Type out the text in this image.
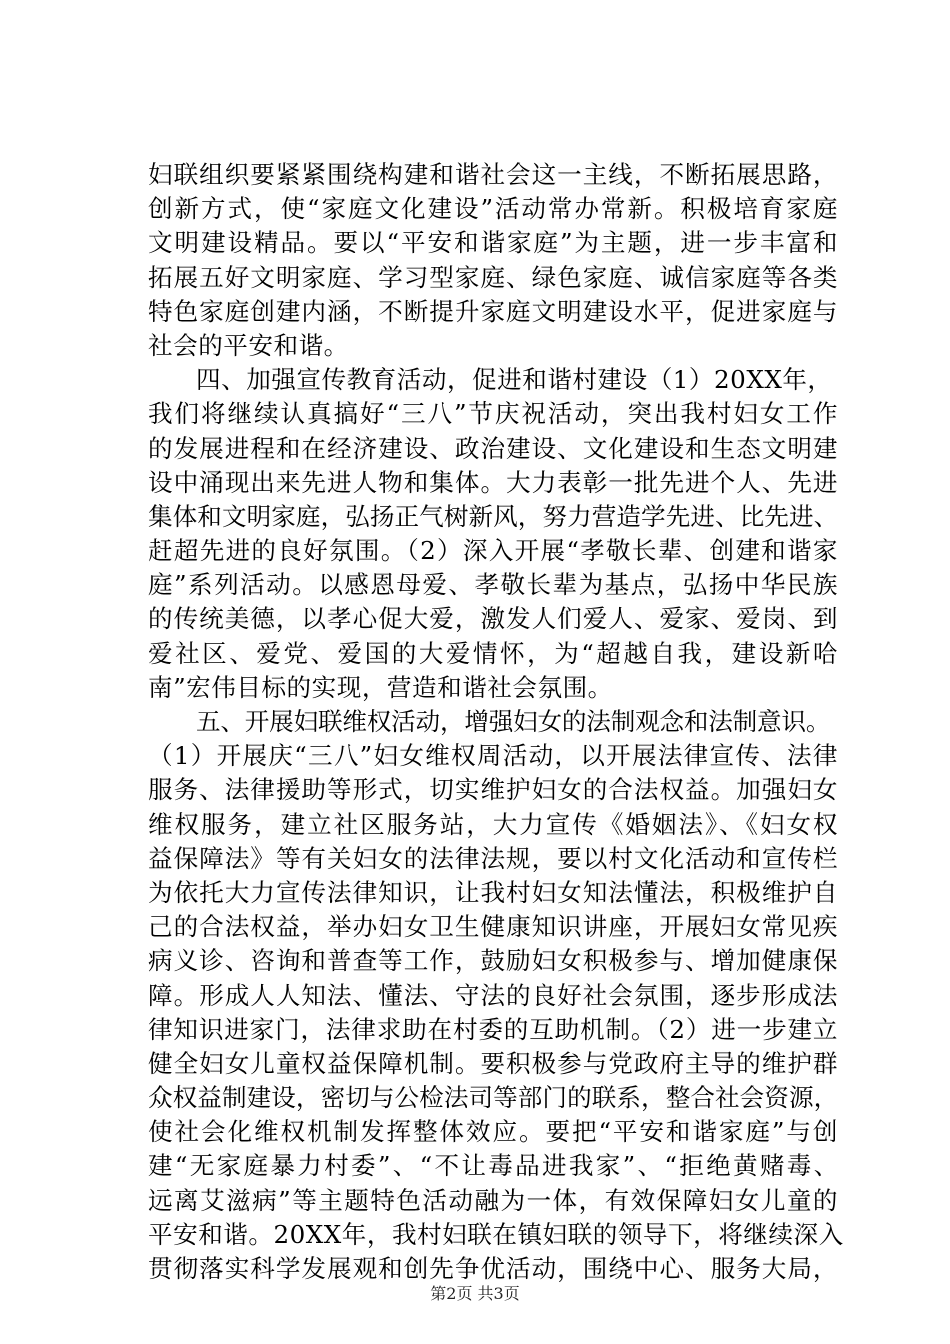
妇联组织要紧紧围绕构建和谐社会这一主线，不断拓展思路，
创新方式，使“家庭文化建设”活动常办常新。积极培育家庭
文明建设精品。要以“平安和谐家庭”为主题，进一步丰富和
拓展五好文明家庭、学习型家庭、绿色家庭、诚信家庭等各类
特色家庭创建内涵，不断提升家庭文明建设水平，促进家庭与
社会的平安和谐。
四、加强宣传教育活动，促进和谐村建设（1）20XX年，
我们将继续认真搞好“三八”节庆祝活动，突出我村妇女工作
的发展进程和在经济建设、政治建设、文化建设和生态文明建
设中涌现出来先进人物和集体。大力表彰一批先进个人、先进
集体和文明家庭，弘扬正气树新风，努力营造学先进、比先进、
赶超先进的良好氛围。（2）深入开展“孝敬长辈、创建和谐家
庭”系列活动。以感恩母爱、孝敬长辈为基点，弘扬中华民族
的传统美德，以孝心促大爱，激发人们爱人、爱家、爱岗、到
爱社区、爱党、爱国的大爱情怀，为“超越自我，建设新哈
南”宏伟目标的实现，营造和谐社会氛围。
五、开展妇联维权活动，增强妇女的法制观念和法制意识。
（1）开展庆“三八”妇女维权周活动，以开展法律宣传、法律
服务、法律援助等形式，切实维护妇女的合法权益。加强妇女
维权服务，建立社区服务站，大力宣传《婚姻法》、《妇女权
益保障法》等有关妇女的法律法规，要以村文化活动和宣传栏
为依托大力宣传法律知识，让我村妇女知法懂法，积极维护自
己的合法权益，举办妇女卫生健康知识讲座，开展妇女常见疾
病义诊、咨询和普查等工作，鼓励妇女积极参与、增加健康保
障。形成人人知法、懂法、守法的良好社会氛围，逐步形成法
律知识进家门，法律求助在村委的互助机制。（2）进一步建立
健全妇女儿童权益保障机制。要积极参与党政府主导的维护群
众权益制建设，密切与公检法司等部门的联系，整合社会资源，
使社会化维权机制发挥整体效应。要把“平安和谐家庭”与创
建“无家庭暴力村委”、“不让毒品进我家”、“拒绝黄赌毒、
远离艾滋病”等主题特色活动融为一体，有效保障妇女儿童的
平安和谐。20XX年，我村妇联在镇妇联的领导下，将继续深入
贯彻落实科学发展观和创先争优活动，围绕中心、服务大局，
第2页 共3页
